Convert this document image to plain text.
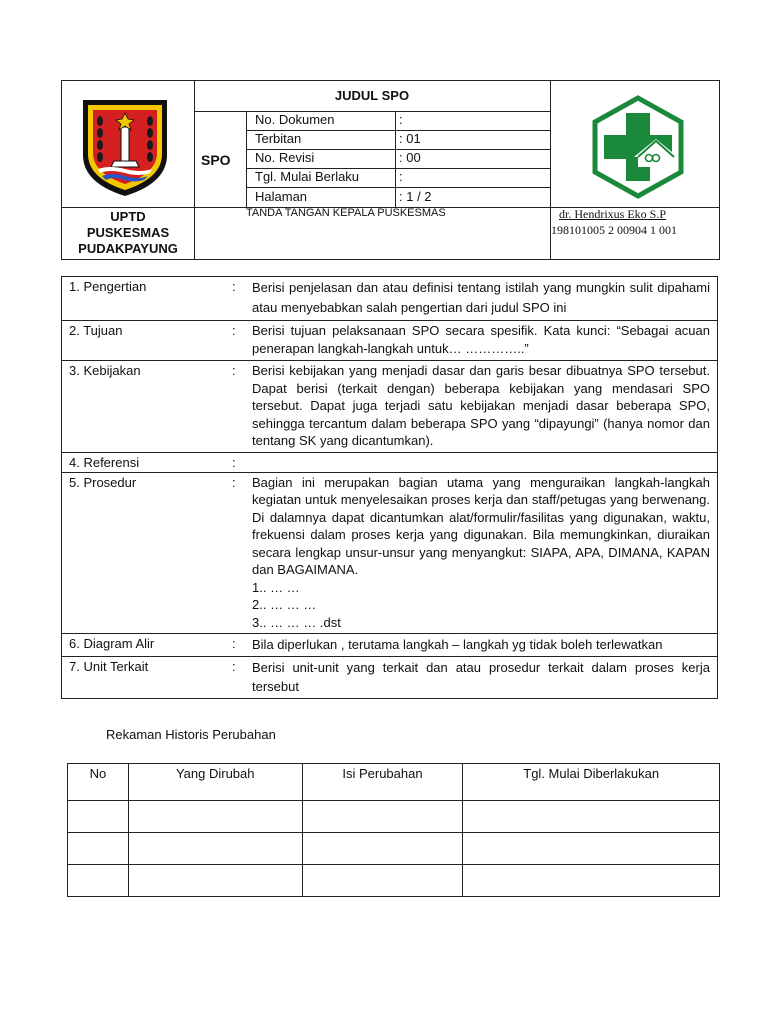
JUDUL SPO
SPO
No. Dokumen	:
Terbitan	: 01
No. Revisi	: 00
Tgl. Mulai Berlaku	:
Halaman	: 1 / 2
UPTD
PUSKESMAS
PUDAKPAYUNG
TANDA TANGAN KEPALA PUSKESMAS	dr. Hendrixus Eko S.P
198101005 2 00904 1 001
1. Pengertian	: Berisi penjelasan dan atau definisi tentang istilah yang mungkin sulit dipahami atau menyebabkan salah pengertian dari judul SPO ini
2. Tujuan	: Berisi tujuan pelaksanaan SPO secara spesifik. Kata kunci: “Sebagai acuan penerapan langkah-langkah untuk… …………..”
3. Kebijakan	: Berisi kebijakan yang menjadi dasar dan garis besar dibuatnya SPO tersebut. Dapat berisi (terkait dengan) beberapa kebijakan yang mendasari SPO tersebut. Dapat juga terjadi satu kebijakan menjadi dasar beberapa SPO, sehingga tercantum dalam beberapa SPO yang “dipayungi” (hanya nomor dan tentang SK yang dicantumkan).
4. Referensi	:
5. Prosedur	: Bagian ini merupakan bagian utama yang menguraikan langkah-langkah kegiatan untuk menyelesaikan proses kerja dan staff/petugas yang berwenang. Di dalamnya dapat dicantumkan alat/formulir/fasilitas yang digunakan, waktu, frekuensi dalam proses kerja yang digunakan. Bila memungkinkan, diuraikan secara lengkap unsur-unsur yang menyangkut: SIAPA, APA, DIMANA, KAPAN dan BAGAIMANA.
1.. … …
2.. … … …
3.. … … … .dst
6. Diagram Alir	: Bila diperlukan , terutama langkah – langkah yg tidak boleh terlewatkan
7. Unit Terkait	: Berisi unit-unit yang terkait dan atau prosedur terkait dalam proses kerja tersebut
Rekaman Historis Perubahan
No	Yang Dirubah	Isi Perubahan	Tgl. Mulai Diberlakukan
